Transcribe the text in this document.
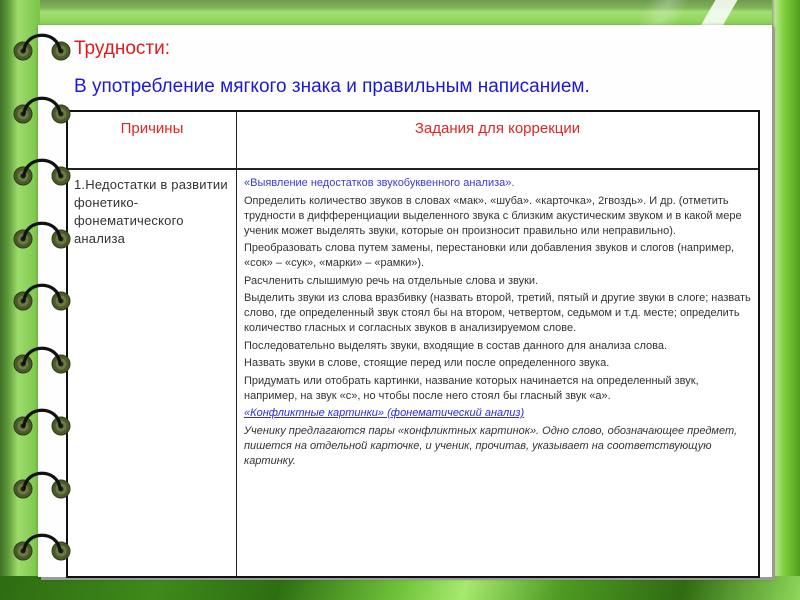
Трудности:
В употребление мягкого знака и правильным написанием.
Причины	Задания для коррекции
1.Недостатки в развитии фонетико-фонематического анализа

«Выявление недостатков звукобуквенного анализа».

Определить количество звуков в словах «мак». «шуба». «карточка», 2гвоздь». И др. (отметить трудности в дифференциации выделенного звука с близким акустическим звуком и в какой мере ученик может выделять звуки, которые он произносит правильно или неправильно).

Преобразовать слова путем замены, перестановки или добавления звуков и слогов (например, «сок» – «сук», «марки» – «рамки»).

Расчленить слышимую речь на отдельные слова и звуки.

Выделить звуки из слова вразбивку (назвать второй, третий, пятый и другие звуки в слоге; назвать слово, где определенный звук стоял бы на втором, четвертом, седьмом и т.д. месте; определить количество гласных и согласных звуков в анализируемом слове.

Последовательно выделять звуки, входящие в состав данного для анализа слова.

Назвать звуки в слове, стоящие перед или после определенного звука.

Придумать или отобрать картинки, название которых начинается на определенный звук, например, на звук «с», но чтобы после него стоял бы гласный звук «а».

«Конфликтные картинки» (фонематический анализ)

Ученику предлагаются пары «конфликтных картинок». Одно слово, обозначающее предмет, пишется на отдельной карточке, и ученик, прочитав, указывает на соответствующую картинку.
